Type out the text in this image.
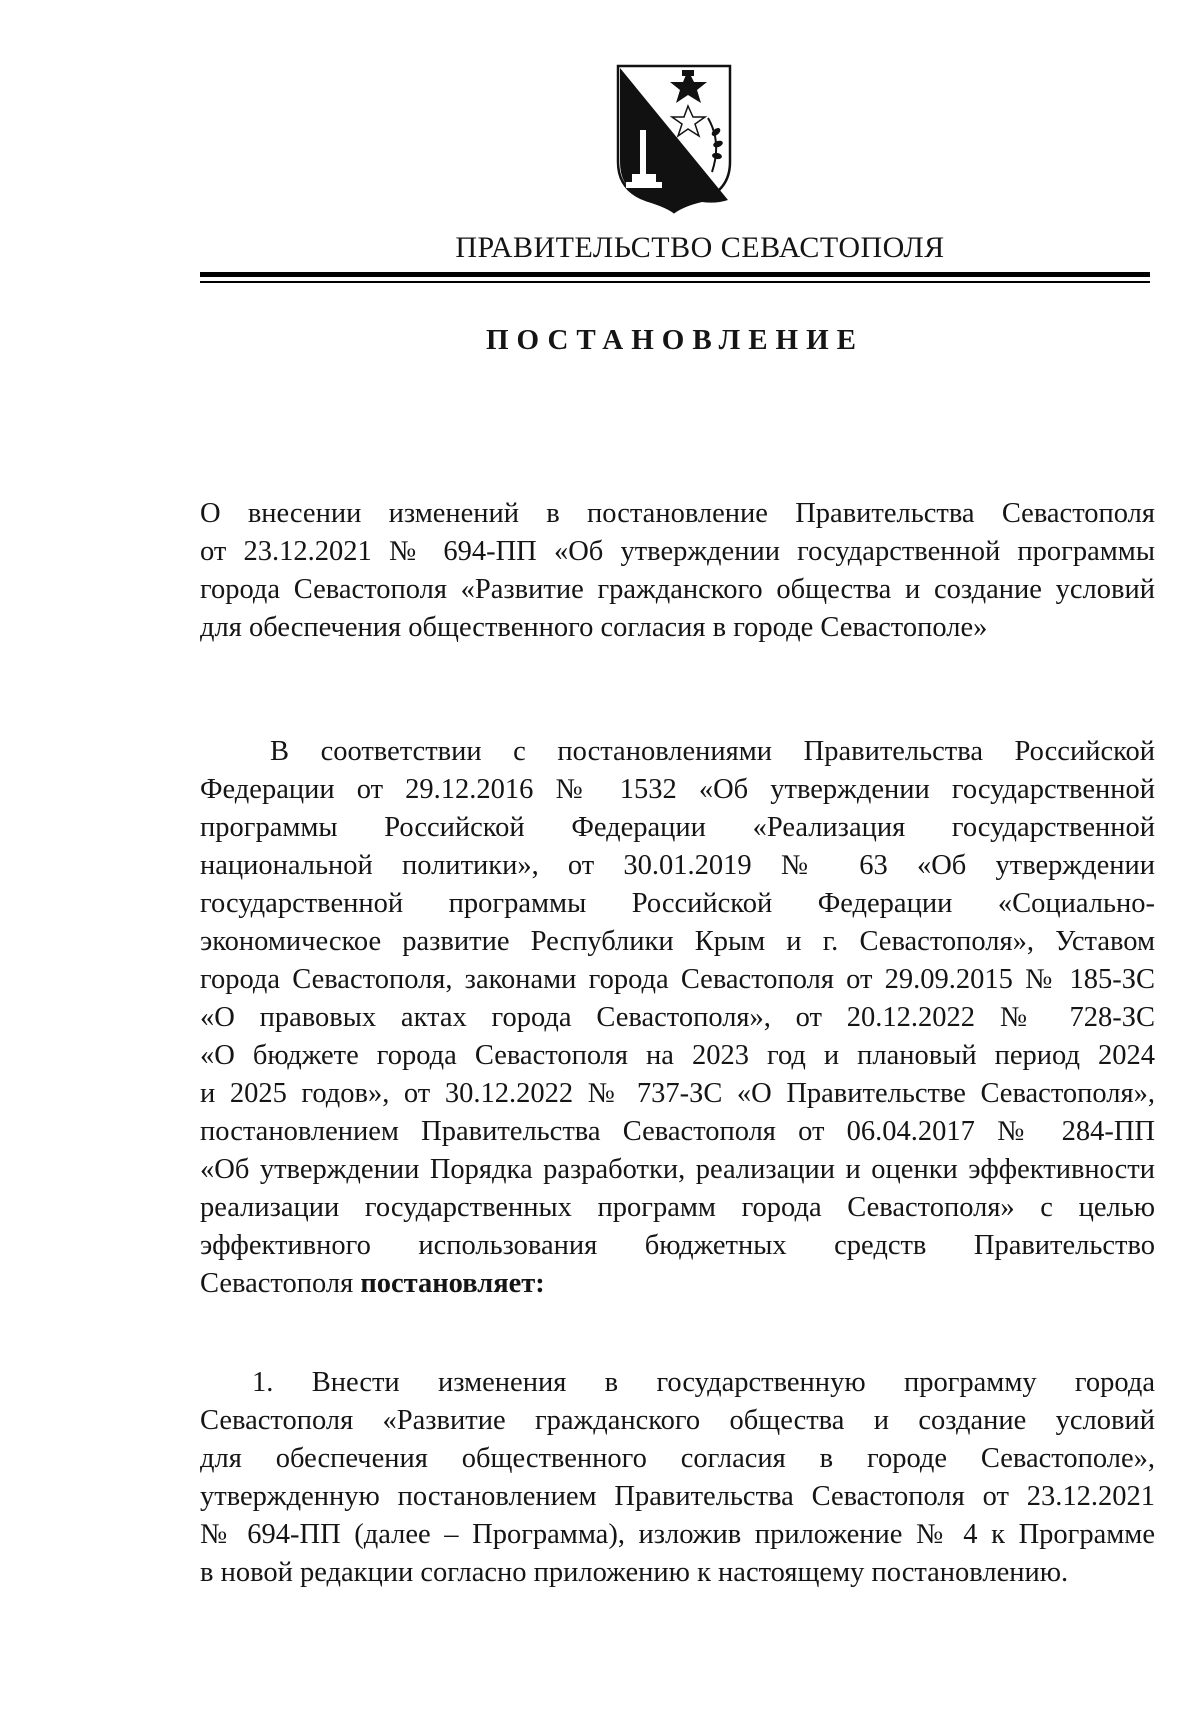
ПРАВИТЕЛЬСТВО СЕВАСТОПОЛЯ
ПОСТАНОВЛЕНИЕ
О внесении изменений в постановление Правительства Севастополя
от 23.12.2021 № 694-ПП «Об утверждении государственной программы
города Севастополя «Развитие гражданского общества и создание условий
для обеспечения общественного согласия в городе Севастополе»
В соответствии с постановлениями Правительства Российской
Федерации от 29.12.2016 № 1532 «Об утверждении государственной
программы Российской Федерации «Реализация государственной
национальной политики», от 30.01.2019 № 63 «Об утверждении
государственной программы Российской Федерации «Социально-
экономическое развитие Республики Крым и г. Севастополя», Уставом
города Севастополя, законами города Севастополя от 29.09.2015 № 185-ЗС
«О правовых актах города Севастополя», от 20.12.2022 № 728-ЗС
«О бюджете города Севастополя на 2023 год и плановый период 2024
и 2025 годов», от 30.12.2022 № 737-ЗС «О Правительстве Севастополя»,
постановлением Правительства Севастополя от 06.04.2017 № 284-ПП
«Об утверждении Порядка разработки, реализации и оценки эффективности
реализации государственных программ города Севастополя» с целью
эффективного использования бюджетных средств Правительство
Севастополя постановляет:
1. Внести изменения в государственную программу города
Севастополя «Развитие гражданского общества и создание условий
для обеспечения общественного согласия в городе Севастополе»,
утвержденную постановлением Правительства Севастополя от 23.12.2021
№ 694-ПП (далее – Программа), изложив приложение № 4 к Программе
в новой редакции согласно приложению к настоящему постановлению.
